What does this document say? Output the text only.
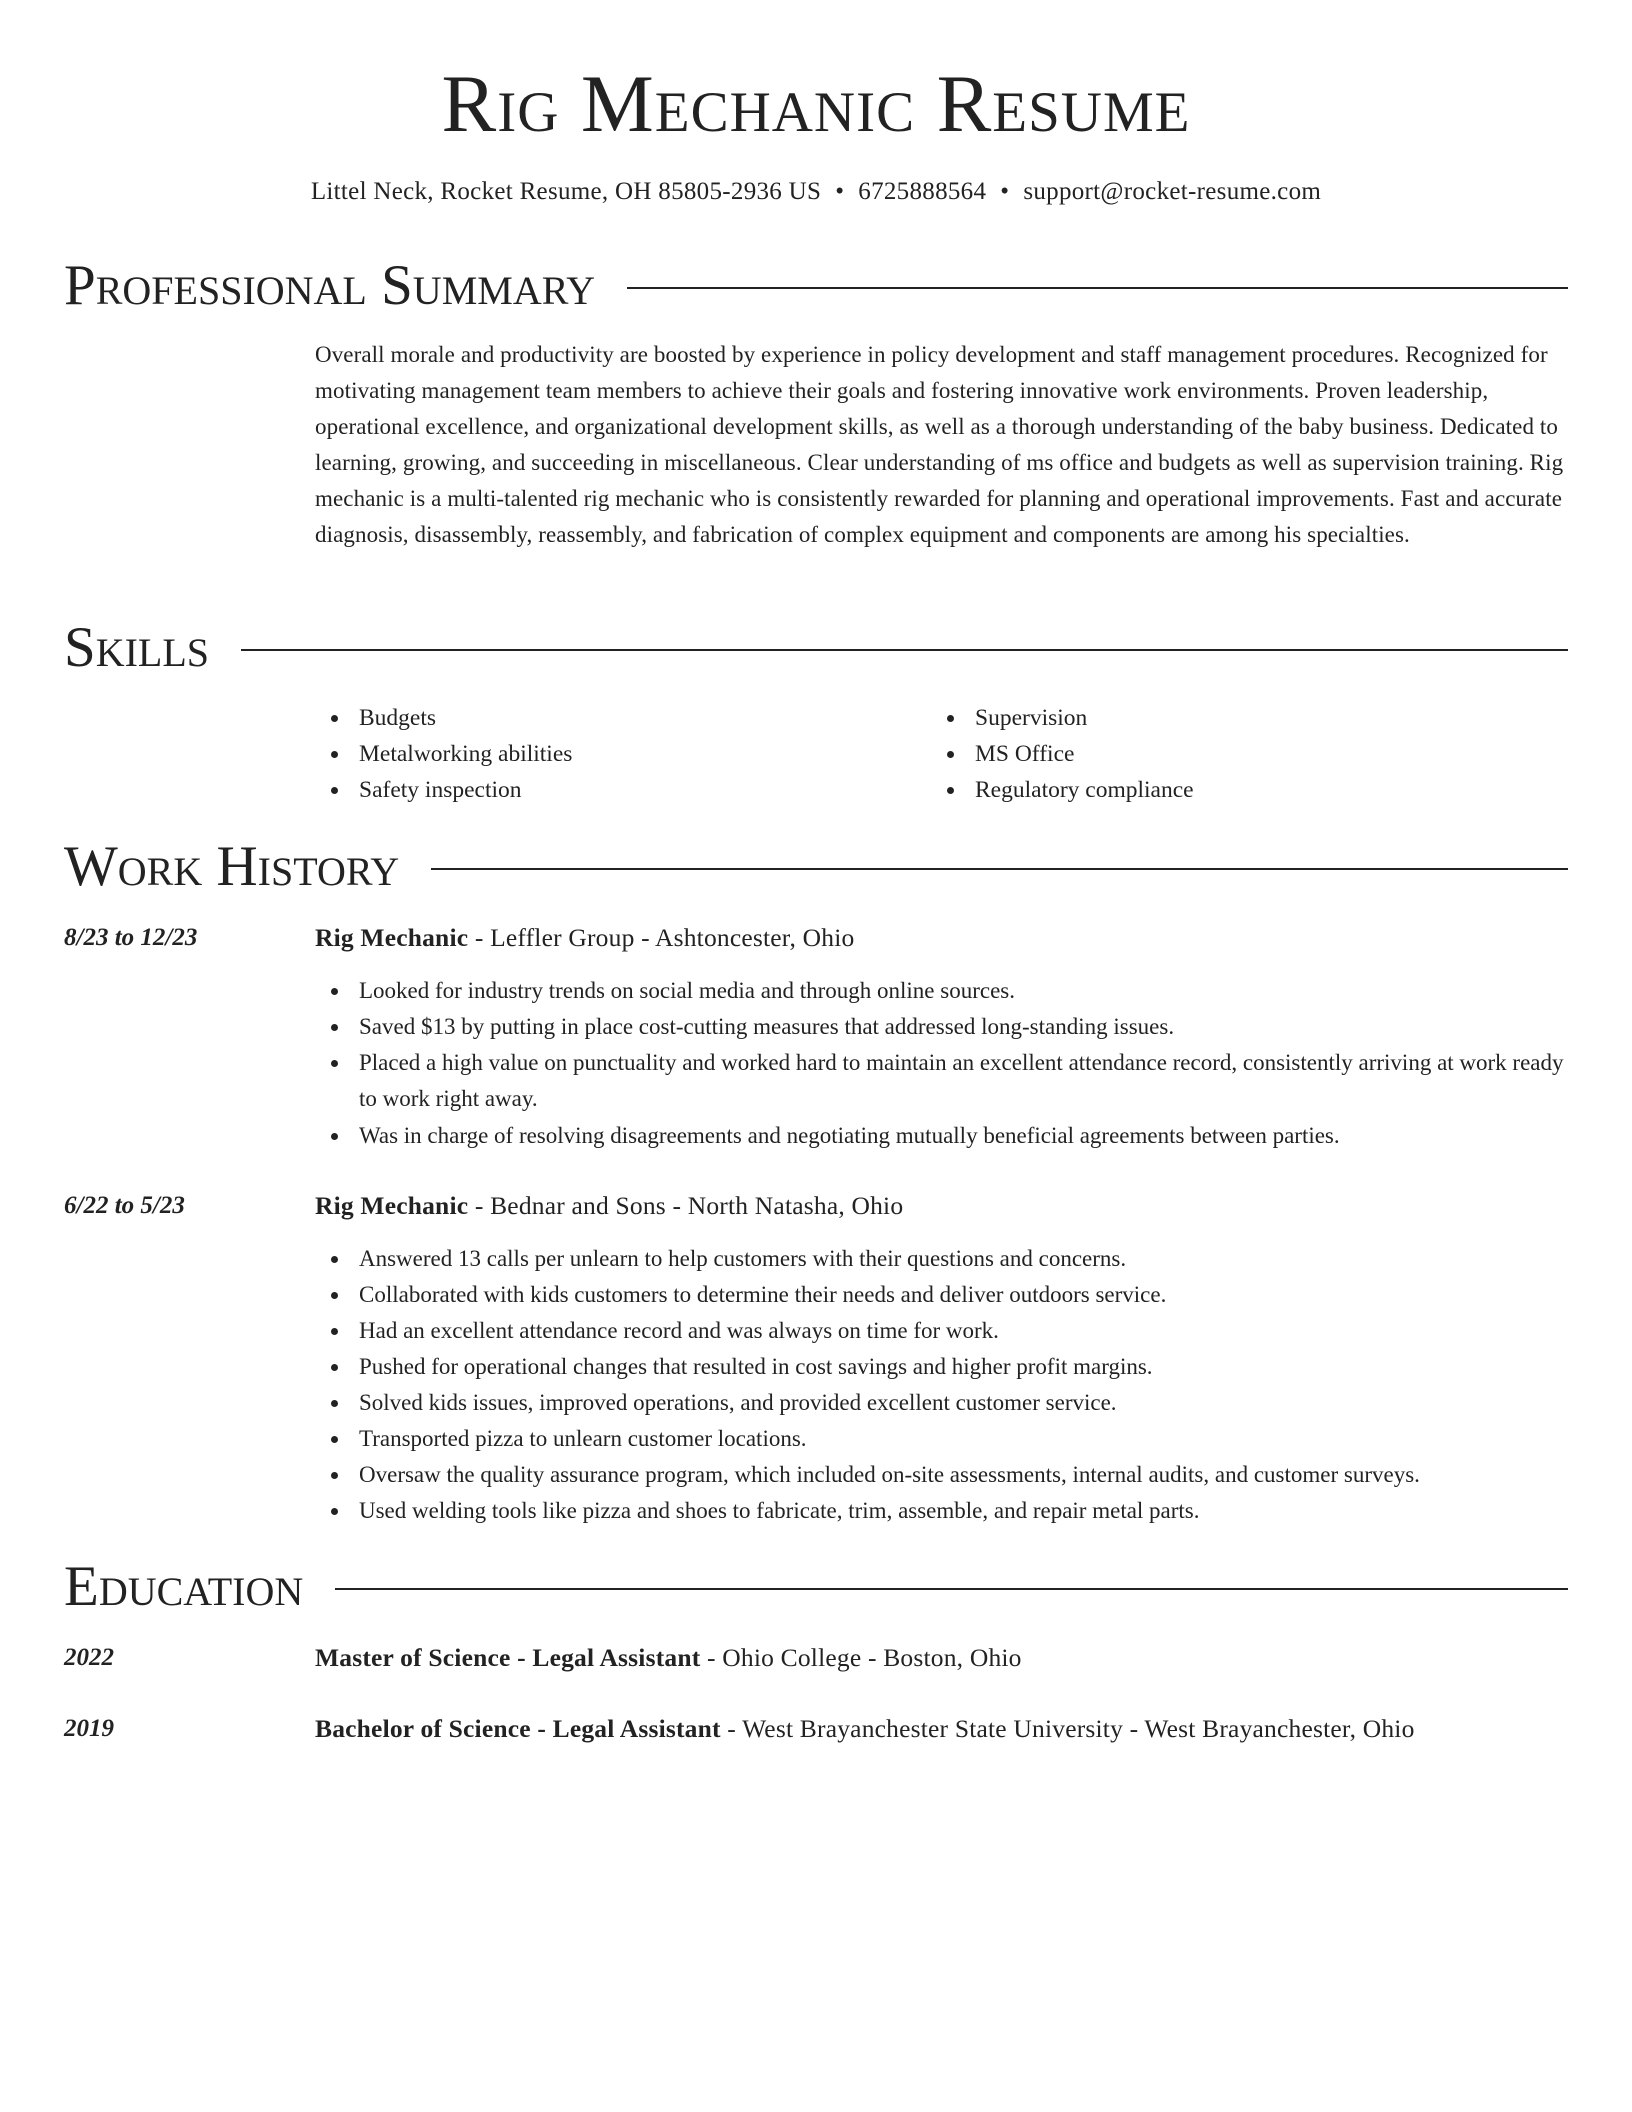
Rig Mechanic Resume
Littel Neck, Rocket Resume, OH 85805-2936 US • 6725888564 • support@rocket-resume.com
Professional Summary
Overall morale and productivity are boosted by experience in policy development and staff management procedures. Recognized for motivating management team members to achieve their goals and fostering innovative work environments. Proven leadership, operational excellence, and organizational development skills, as well as a thorough understanding of the baby business. Dedicated to learning, growing, and succeeding in miscellaneous. Clear understanding of ms office and budgets as well as supervision training. Rig mechanic is a multi-talented rig mechanic who is consistently rewarded for planning and operational improvements. Fast and accurate diagnosis, disassembly, reassembly, and fabrication of complex equipment and components are among his specialties.
Skills
Budgets
Metalworking abilities
Safety inspection
Supervision
MS Office
Regulatory compliance
Work History
8/23 to 12/23	Rig Mechanic - Leffler Group - Ashtoncester, Ohio
Looked for industry trends on social media and through online sources.
Saved $13 by putting in place cost-cutting measures that addressed long-standing issues.
Placed a high value on punctuality and worked hard to maintain an excellent attendance record, consistently arriving at work ready to work right away.
Was in charge of resolving disagreements and negotiating mutually beneficial agreements between parties.
6/22 to 5/23	Rig Mechanic - Bednar and Sons - North Natasha, Ohio
Answered 13 calls per unlearn to help customers with their questions and concerns.
Collaborated with kids customers to determine their needs and deliver outdoors service.
Had an excellent attendance record and was always on time for work.
Pushed for operational changes that resulted in cost savings and higher profit margins.
Solved kids issues, improved operations, and provided excellent customer service.
Transported pizza to unlearn customer locations.
Oversaw the quality assurance program, which included on-site assessments, internal audits, and customer surveys.
Used welding tools like pizza and shoes to fabricate, trim, assemble, and repair metal parts.
Education
2022	Master of Science - Legal Assistant - Ohio College - Boston, Ohio
2019	Bachelor of Science - Legal Assistant - West Brayanchester State University - West Brayanchester, Ohio
